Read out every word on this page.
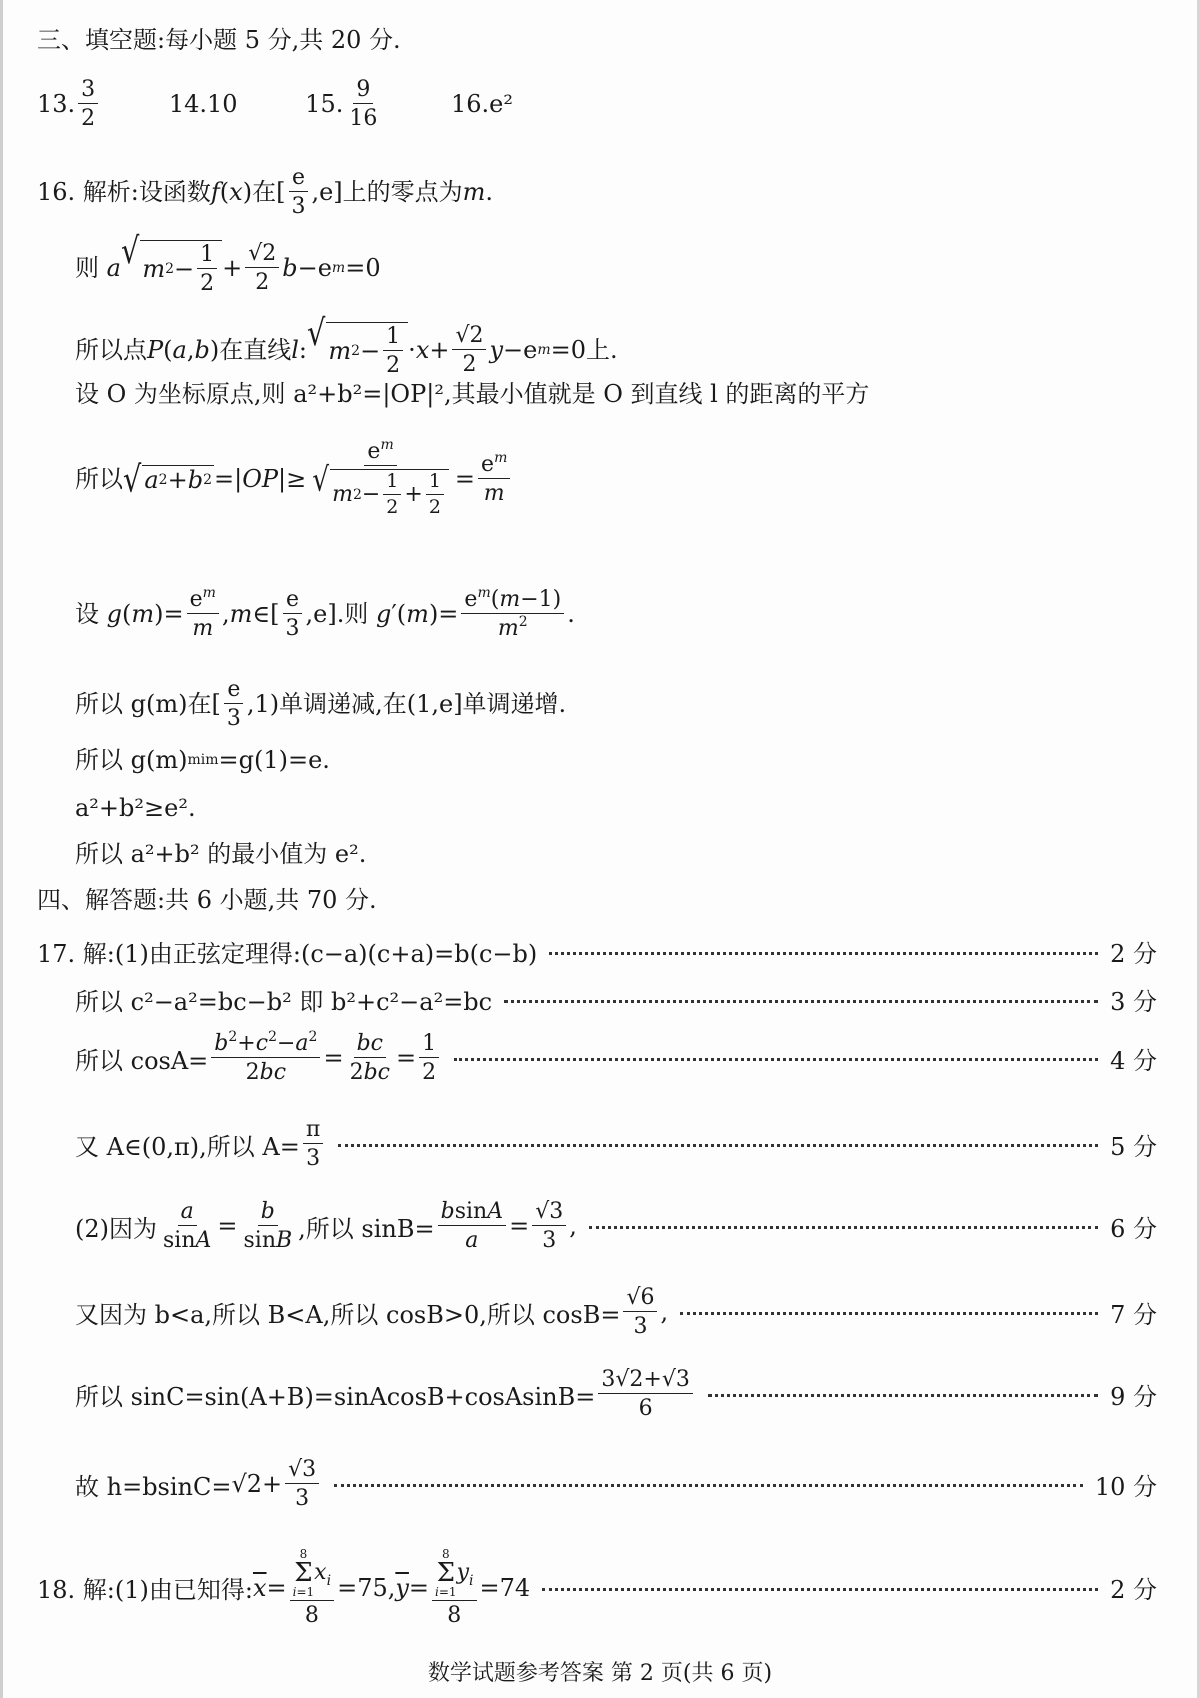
三、填空题:每小题 5 分,共 20 分.
13. $\frac{3}{2}$
	14. 10
	15. $\frac{9}{16}$
	16. e²
16. 解析:设函数 f ( x ) 在[ $\frac{e}{3} ,e$]上的零点为 m .
则
a √ m $2 - \frac{1}{2} + \frac{√2}{2}$ b −e m =0
所以点 P ( a , b ) 在直线 l : √ m $2 - \frac{1}{2} \cdot x + \frac{√2}{2}$ y −e m =0 上.
设 O 为坐标原点,则 a²+b²=|OP|²,其最小值就是 O 到直线 l 的距离的平方
所以 √ a 2 + b 2 =| OP |≥ $\frac{e^m}{√ m 2 - \frac{1}{2} + \frac{1}{2}} = \frac{e^m}{m}$
设
g ( m )= $\frac{e^m}{m}$ , m ∈[ $\frac{e}{3} ,e$] .则
g ′( m )= $\frac{e^m(m-1)}{m^2}$ .
所以 g(m)在[ $\frac{e}{3} ,1$)单调递减,在(1,e]单调递增.
所以 g(m) mim =g(1)=e.
a²+b²≥e².
所以 a²+b² 的最小值为 e².
四、解答题:共 6 小题,共 70 分.
17. 解:(1)由正弦定理得:(c−a)(c+a)=b(c−b)	2 分
所以 c²−a²=bc−b² 即 b²+c²−a²=bc	3 分
所以 $\cos A= \frac{b^2+c^2-a^2}{2bc} = \frac{bc}{2bc} = \frac{1}{2}$	4 分
又 A∈(0,π),所以 $A= \frac{\pi}{3}$	5 分
(2)因为 $\frac{a}{\sin A} = \frac{b}{\sin B}$ ,所以 $\sin B= \frac{bsinA}{a} = \frac{√3}{3}$ ,	6 分
又因为 b<a,所以 B<A,所以 cosB>0,所以 $\cos B= \frac{√6}{3}$ ,	7 分
所以 sinC=sin(A+B)=sinAcosB+cosAsinB= $\frac{3√2+√3}{6}$	9 分
故 $h=bsinC= √2+ \frac{√3}{3}$	10 分
18. 解:(1)由已知得: $\overline{x} = 8$
Σ
i=1
$x_i$
8 =75, $\overline{y} = 8$
Σ
i=1
$y_i$
8 =74	2 分
数学试题参考答案 第 2 页(共 6 页)
